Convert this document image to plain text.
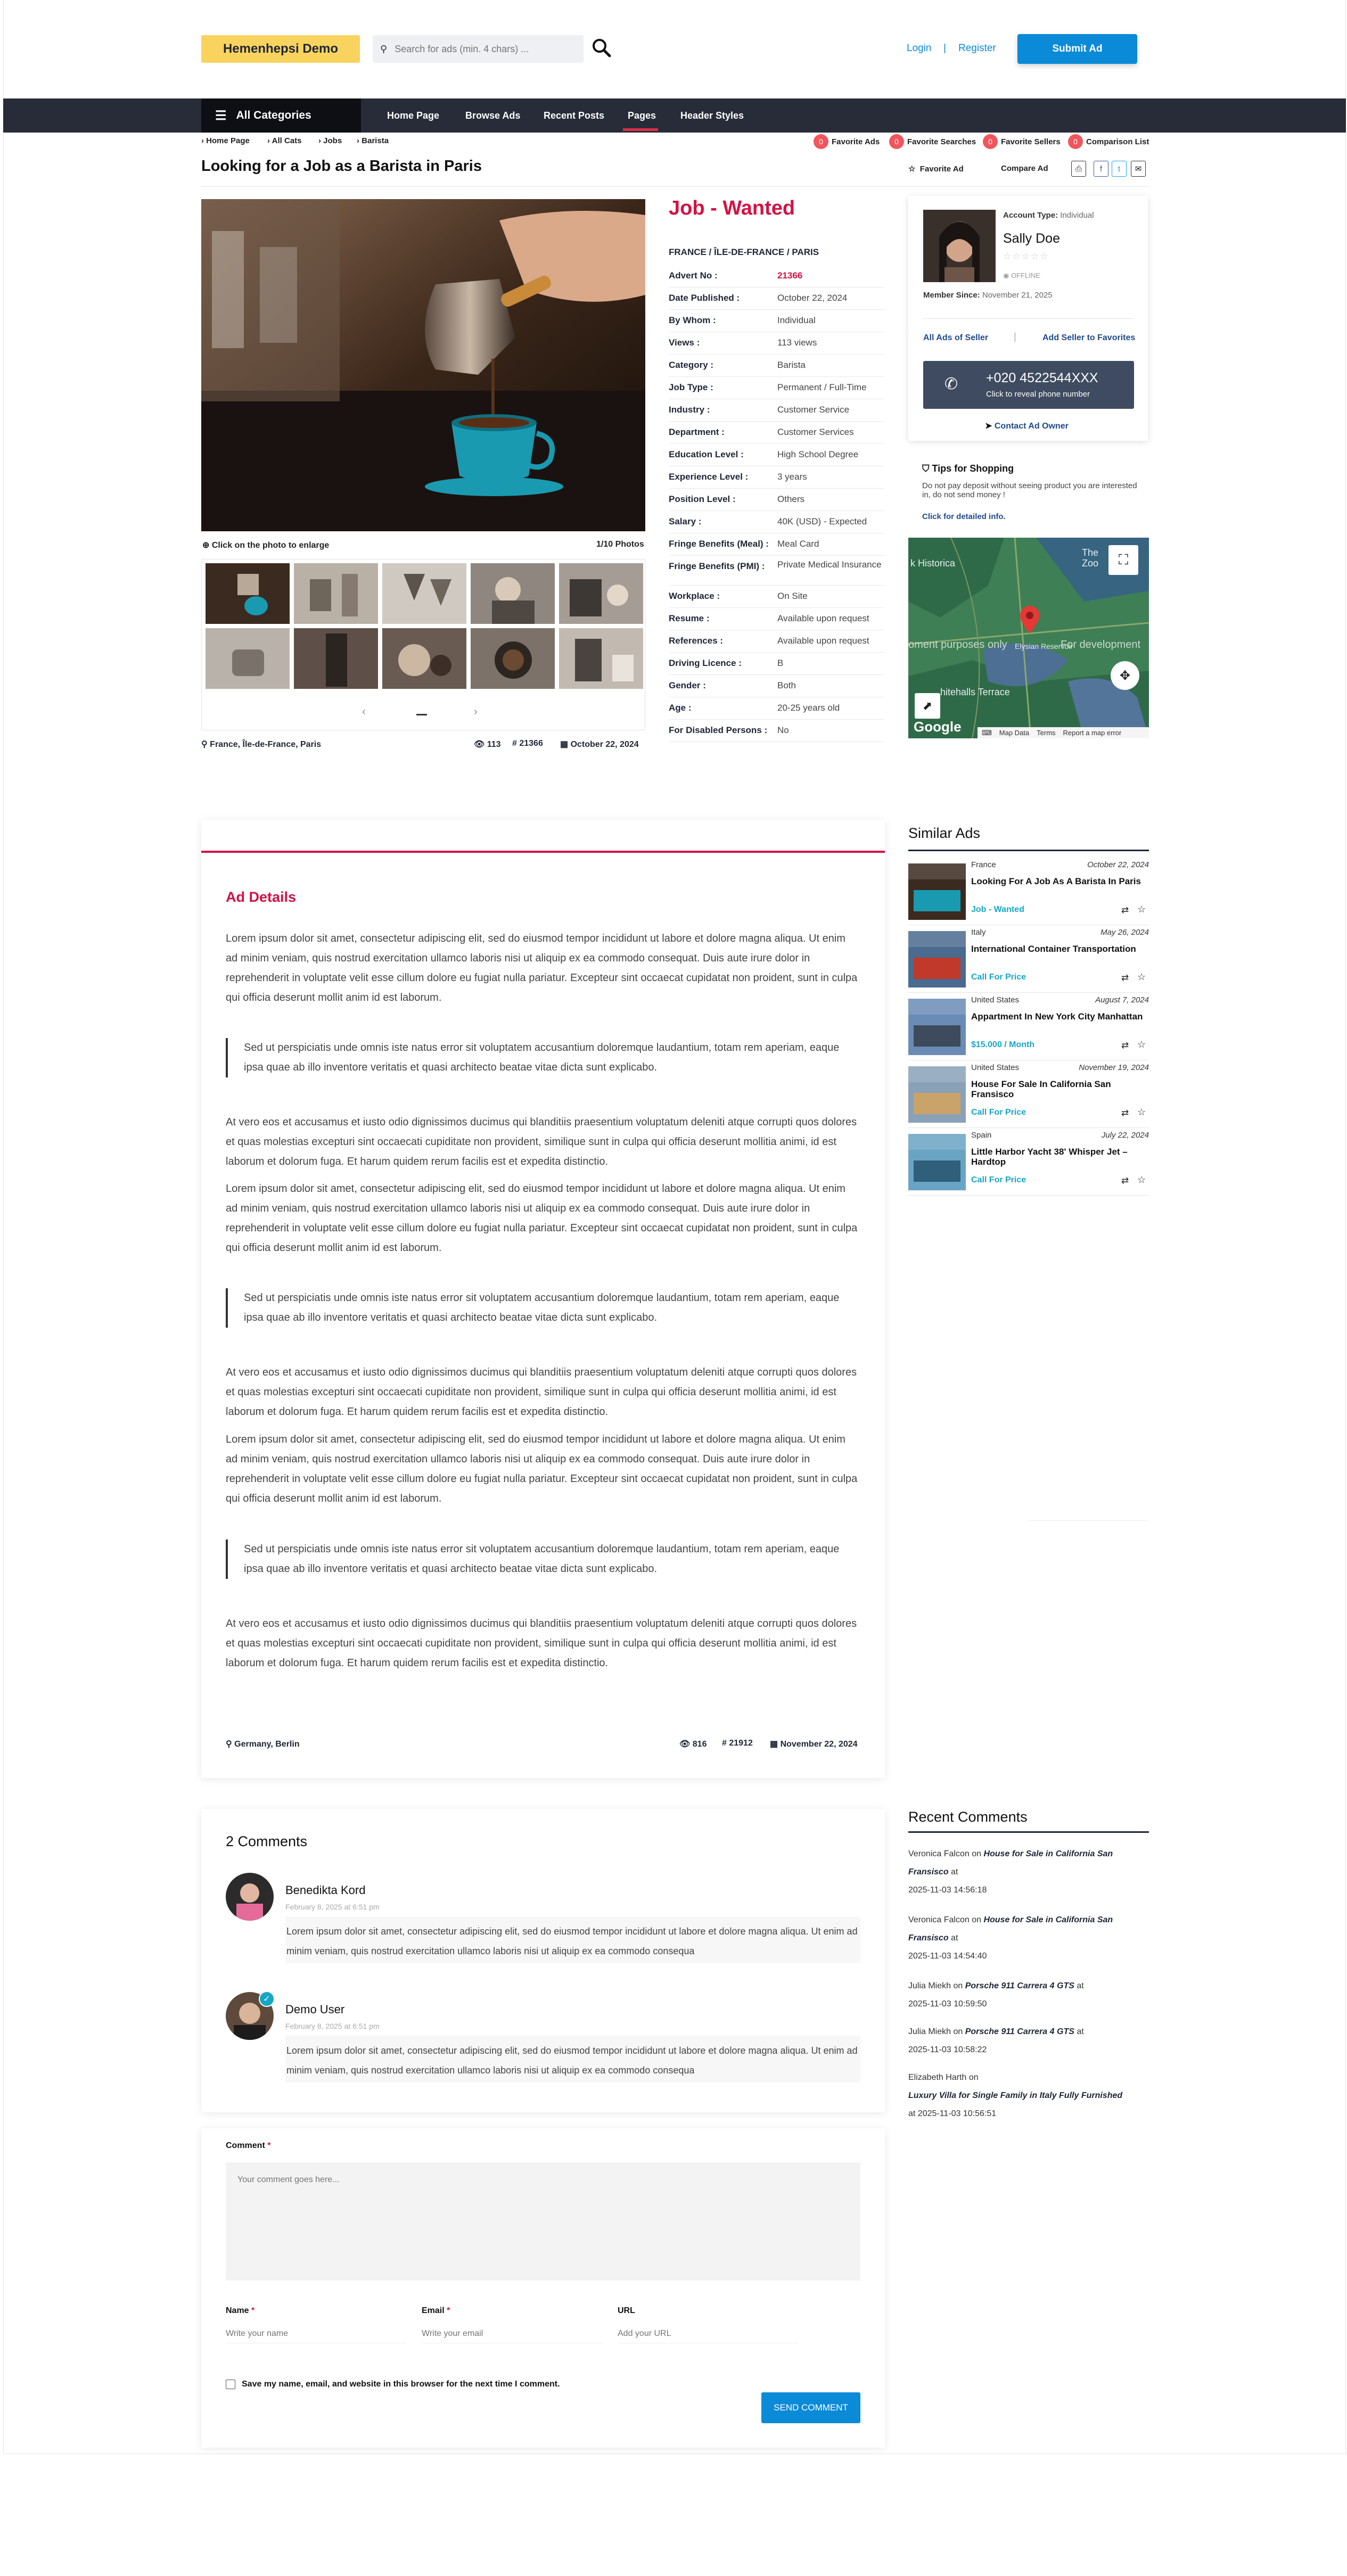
Hemenhepsi Demo	⚲
Search for ads (min. 4 chars) ...	Login | Register	Submit Ad
☰ All Categories	Home Page	Browse Ads Recent Posts Pages	Header Styles
› Home Page › All Cats › Jobs › Barista	0	Favorite Ads	0	Favorite Searches	0	Favorite Sellers	0	Comparison List
Looking for a Job as a Barista in Paris	☆ Favorite Ad	Compare Ad	⎙	f	t	✉
⊕ Click on the photo to enlarge	1/10 Photos
‹	›
⚲ France, Île-de-France, Paris	👁 113 # 21366 ▦ October 22, 2024
Job - Wanted
FRANCE / ÎLE-DE-FRANCE / PARIS
Advert No :	21366
Date Published :	October 22, 2024
By Whom :	Individual
Views :	113 views
Category :	Barista
Job Type :	Permanent / Full-Time
Industry :	Customer Service
Department :	Customer Services
Education Level :	High School Degree
Experience Level :	3 years
Position Level :	Others
Salary :	40K (USD) - Expected
Fringe Benefits (Meal) : Meal Card
Fringe Benefits (PMI) : Private Medical Insurance
Workplace :	On Site
Resume :	Available upon request
References :	Available upon request
Driving Licence :	B
Gender :	Both
Age :	20-25 years old
For Disabled Persons : No
Account Type: Individual
Sally Doe
☆☆☆☆☆
◉ OFFLINE
Member Since: November 21, 2025
All Ads of Seller	|	Add Seller to Favorites
✆ +020 4522544XXX
Click to reveal phone number
➤ Contact Ad Owner
⛉ Tips for Shopping
Do not pay deposit without seeing product you are interested in, do not send money !
Click for detailed info.
k Historica
The Zoo
oment purposes only	For development
Elysian Reservoir
hitehalls Terrace
⛶
✥
⬈
Google	⌨ Map Data Terms Report a map error
Ad Details
Lorem ipsum dolor sit amet, consectetur adipiscing elit, sed do eiusmod tempor incididunt ut labore et dolore magna aliqua. Ut enim ad minim veniam, quis nostrud exercitation ullamco laboris nisi ut aliquip ex ea commodo consequat. Duis aute irure dolor in reprehenderit in voluptate velit esse cillum dolore eu fugiat nulla pariatur. Excepteur sint occaecat cupidatat non proident, sunt in culpa qui officia deserunt mollit anim id est laborum.
Sed ut perspiciatis unde omnis iste natus error sit voluptatem accusantium doloremque laudantium, totam rem aperiam, eaque ipsa quae ab illo inventore veritatis et quasi architecto beatae vitae dicta sunt explicabo.
At vero eos et accusamus et iusto odio dignissimos ducimus qui blanditiis praesentium voluptatum deleniti atque corrupti quos dolores et quas molestias excepturi sint occaecati cupiditate non provident, similique sunt in culpa qui officia deserunt mollitia animi, id est laborum et dolorum fuga. Et harum quidem rerum facilis est et expedita distinctio.
Lorem ipsum dolor sit amet, consectetur adipiscing elit, sed do eiusmod tempor incididunt ut labore et dolore magna aliqua. Ut enim ad minim veniam, quis nostrud exercitation ullamco laboris nisi ut aliquip ex ea commodo consequat. Duis aute irure dolor in reprehenderit in voluptate velit esse cillum dolore eu fugiat nulla pariatur. Excepteur sint occaecat cupidatat non proident, sunt in culpa qui officia deserunt mollit anim id est laborum.
Sed ut perspiciatis unde omnis iste natus error sit voluptatem accusantium doloremque laudantium, totam rem aperiam, eaque ipsa quae ab illo inventore veritatis et quasi architecto beatae vitae dicta sunt explicabo.
At vero eos et accusamus et iusto odio dignissimos ducimus qui blanditiis praesentium voluptatum deleniti atque corrupti quos dolores et quas molestias excepturi sint occaecati cupiditate non provident, similique sunt in culpa qui officia deserunt mollitia animi, id est laborum et dolorum fuga. Et harum quidem rerum facilis est et expedita distinctio.
Lorem ipsum dolor sit amet, consectetur adipiscing elit, sed do eiusmod tempor incididunt ut labore et dolore magna aliqua. Ut enim ad minim veniam, quis nostrud exercitation ullamco laboris nisi ut aliquip ex ea commodo consequat. Duis aute irure dolor in reprehenderit in voluptate velit esse cillum dolore eu fugiat nulla pariatur. Excepteur sint occaecat cupidatat non proident, sunt in culpa qui officia deserunt mollit anim id est laborum.
Sed ut perspiciatis unde omnis iste natus error sit voluptatem accusantium doloremque laudantium, totam rem aperiam, eaque ipsa quae ab illo inventore veritatis et quasi architecto beatae vitae dicta sunt explicabo.
At vero eos et accusamus et iusto odio dignissimos ducimus qui blanditiis praesentium voluptatum deleniti atque corrupti quos dolores et quas molestias excepturi sint occaecati cupiditate non provident, similique sunt in culpa qui officia deserunt mollitia animi, id est laborum et dolorum fuga. Et harum quidem rerum facilis est et expedita distinctio.
⚲ Germany, Berlin	👁 816 # 21912 ▦ November 22, 2024
Similar Ads
France	October 22, 2024
Looking For A Job As A Barista In Paris
Job - Wanted	⇄ ☆
Italy	May 26, 2024
International Container Transportation
Call For Price	⇄ ☆
United States	August 7, 2024
Appartment In New York City Manhattan
$15.000 / Month	⇄ ☆
United States	November 19, 2024
House For Sale In California San Fransisco
Call For Price	⇄ ☆
Spain	July 22, 2024
Little Harbor Yacht 38' Whisper Jet – Hardtop
Call For Price	⇄ ☆
2 Comments
Benedikta Kord
February 8, 2025 at 6:51 pm
Lorem ipsum dolor sit amet, consectetur adipiscing elit, sed do eiusmod tempor incididunt ut labore et dolore magna aliqua. Ut enim ad minim veniam, quis nostrud exercitation ullamco laboris nisi ut aliquip ex ea commodo consequa
✓
Demo User
February 8, 2025 at 6:51 pm
Lorem ipsum dolor sit amet, consectetur adipiscing elit, sed do eiusmod tempor incididunt ut labore et dolore magna aliqua. Ut enim ad minim veniam, quis nostrud exercitation ullamco laboris nisi ut aliquip ex ea commodo consequa
Recent Comments
Veronica Falcon on House for Sale in California San Fransisco at
2025-11-03 14:56:18
Veronica Falcon on House for Sale in California San Fransisco at
2025-11-03 14:54:40
Julia Miekh on Porsche 911 Carrera 4 GTS at
2025-11-03 10:59:50
Julia Miekh on Porsche 911 Carrera 4 GTS at
2025-11-03 10:58:22
Elizabeth Harth on
Luxury Villa for Single Family in Italy Fully Furnished
at 2025-11-03 10:56:51
Comment *
Your comment goes here...
Name *
Write your name	Email *
Write your email	URL
Add your URL
Save my name, email, and website in this browser for the next time I comment.
SEND COMMENT
